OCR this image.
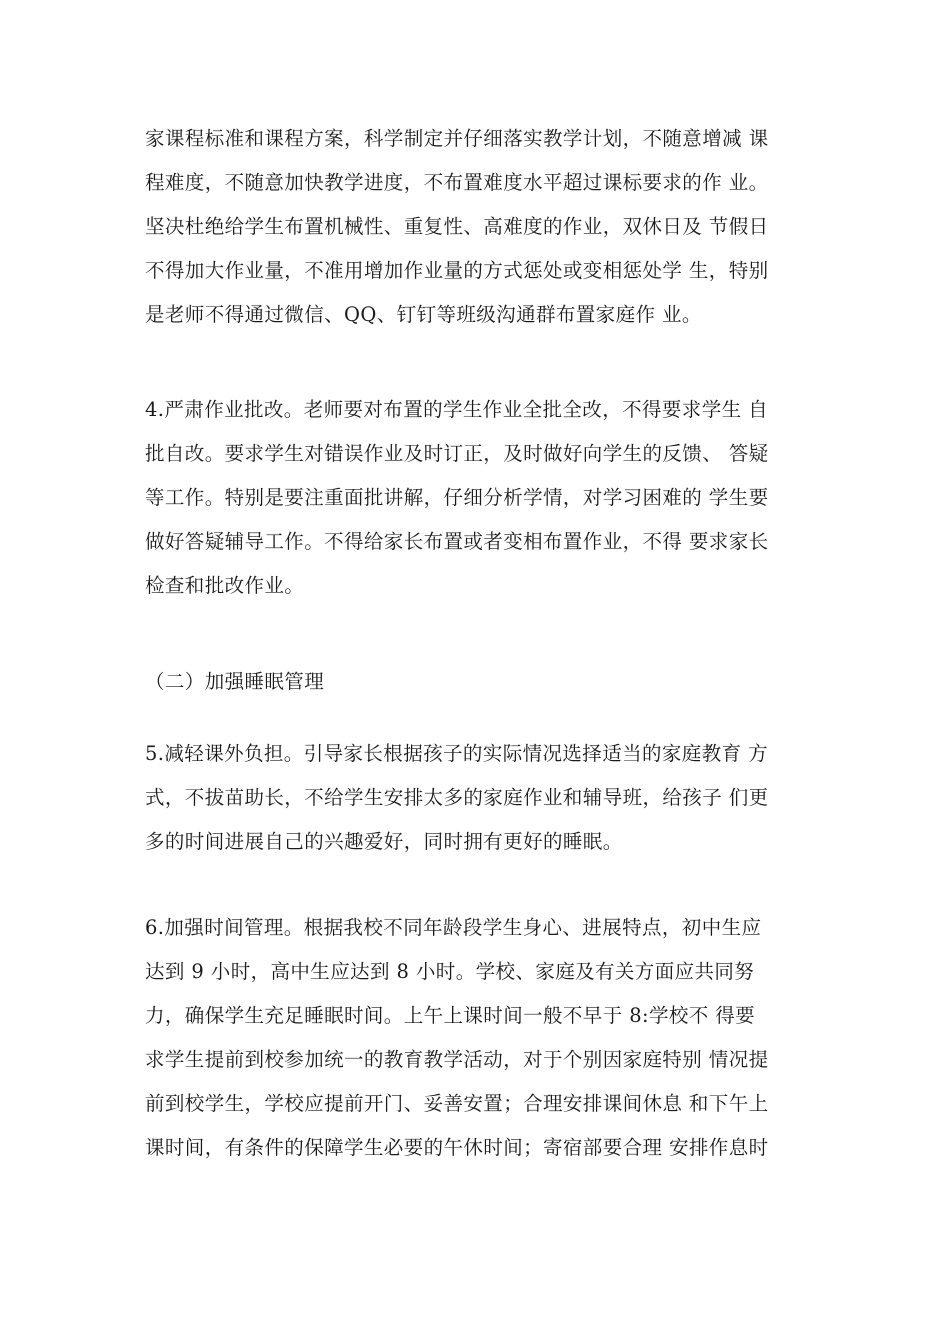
家课程标准和课程方案，科学制定并仔细落实教学计划，不随意增减 课
程难度，不随意加快教学进度，不布置难度水平超过课标要求的作 业。
坚决杜绝给学生布置机械性、重复性、高难度的作业，双休日及 节假日
不得加大作业量，不准用增加作业量的方式惩处或变相惩处学 生，特别
是老师不得通过微信、QQ、钉钉等班级沟通群布置家庭作 业。
4.严肃作业批改。老师要对布置的学生作业全批全改，不得要求学生 自
批自改。要求学生对错误作业及时订正，及时做好向学生的反馈、 答疑
等工作。特别是要注重面批讲解，仔细分析学情，对学习困难的 学生要
做好答疑辅导工作。不得给家长布置或者变相布置作业，不得 要求家长
检查和批改作业。
（二）加强睡眠管理
5.减轻课外负担。引导家长根据孩子的实际情况选择适当的家庭教育 方
式，不拔苗助长，不给学生安排太多的家庭作业和辅导班，给孩子 们更
多的时间进展自己的兴趣爱好，同时拥有更好的睡眠。
6.加强时间管理。根据我校不同年龄段学生身心、进展特点，初中生应
达到 9 小时，高中生应达到 8 小时。学校、家庭及有关方面应共同努
力，确保学生充足睡眠时间。上午上课时间一般不早于 8:学校不 得要
求学生提前到校参加统一的教育教学活动，对于个别因家庭特别 情况提
前到校学生，学校应提前开门、妥善安置；合理安排课间休息 和下午上
课时间，有条件的保障学生必要的午休时间；寄宿部要合理 安排作息时
